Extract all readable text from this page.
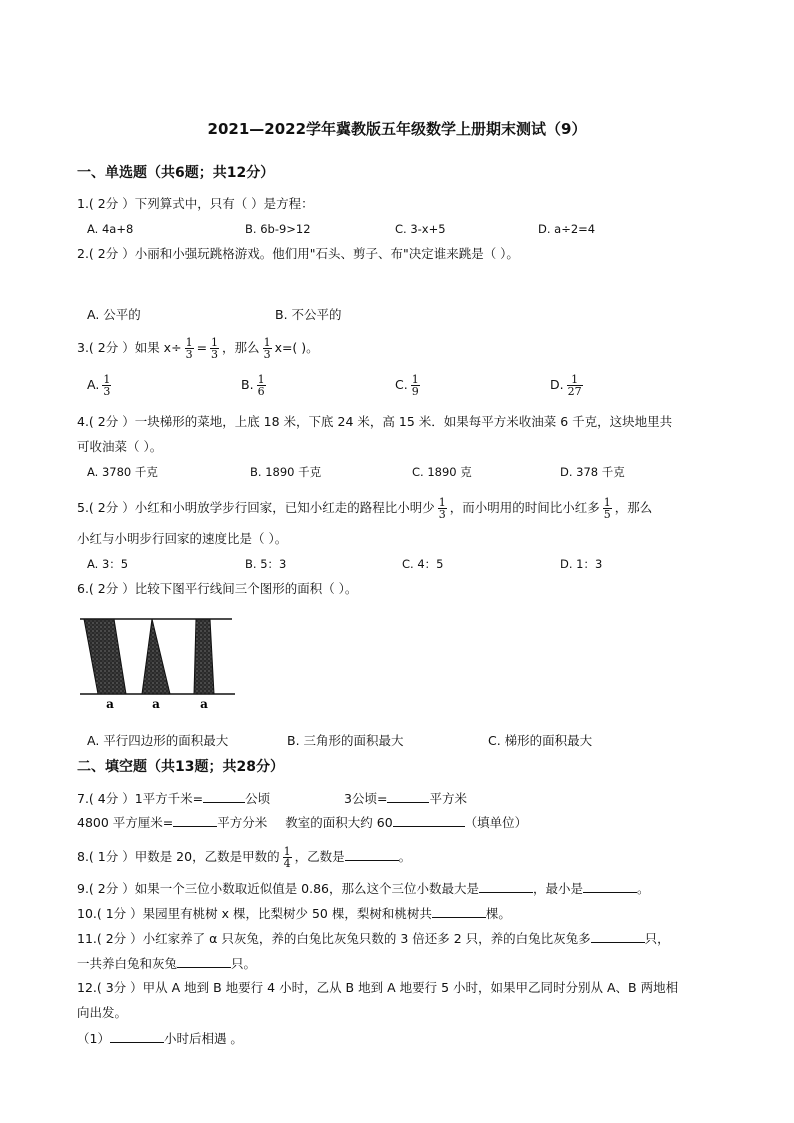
2021—2022学年冀教版五年级数学上册期末测试（9）
一、单选题（共6题；共12分）
1.( 2分 ）下列算式中，只有（ ）是方程：
A. 4a+8	B. 6b-9>12	C. 3-x+5	D. a÷2=4
2.( 2分 ）小丽和小强玩跳格游戏。他们用"石头、剪子、布"决定谁来跳是（ ）。
A. 公平的	B. 不公平的
3.( 2分 ）如果 $x\div \frac{1}{3} = \frac{1}{3}$ ，那么 $\frac{1}{3} x=$( )。
A. $\frac{1}{3}$	B. $\frac{1}{6}$	C. $\frac{1}{9}$	D. $\frac{1}{27}$
4.( 2分 ）一块梯形的菜地，上底 18 米，下底 24 米，高 15 米．如果每平方米收油菜 6 千克，这块地里共
可收油菜（ ）。
A. 3780 千克	B. 1890 千克	C. 1890 克	D. 378 千克
5.( 2分 ）小红和小明放学步行回家，已知小红走的路程比小明少 $\frac{1}{3}$ ，而小明用的时间比小红多 $\frac{1}{5}$ ，那么
小红与小明步行回家的速度比是（ ）。
A. 3：5	B. 5：3	C. 4：5	D. 1：3
6.( 2分 ）比较下图平行线间三个图形的面积（ ）。
a	a	a
A. 平行四边形的面积最大	B. 三角形的面积最大	C. 梯形的面积最大
二、填空题（共13题；共28分）
7.( 4分 ）1平方千米=	公顷	3公顷=	平方米
4800 平方厘米=	平方分米 教室的面积大约 60	（填单位）
8.( 1分 ）甲数是 20，乙数是甲数的 $\frac{1}{4}$ ，乙数是	。
9.( 2分 ）如果一个三位小数取近似值是 0.86，那么这个三位小数最大是	，最小是	。
10.( 1分 ）果园里有桃树 x 棵，比梨树少 50 棵，梨树和桃树共	棵。
11.( 2分 ）小红家养了 α 只灰兔，养的白兔比灰兔只数的 3 倍还多 2 只，养的白兔比灰兔多	只，
一共养白兔和灰兔	只。
12.( 3分 ）甲从 A 地到 B 地要行 4 小时，乙从 B 地到 A 地要行 5 小时，如果甲乙同时分别从 A、B 两地相
向出发。
（1）	小时后相遇 。
